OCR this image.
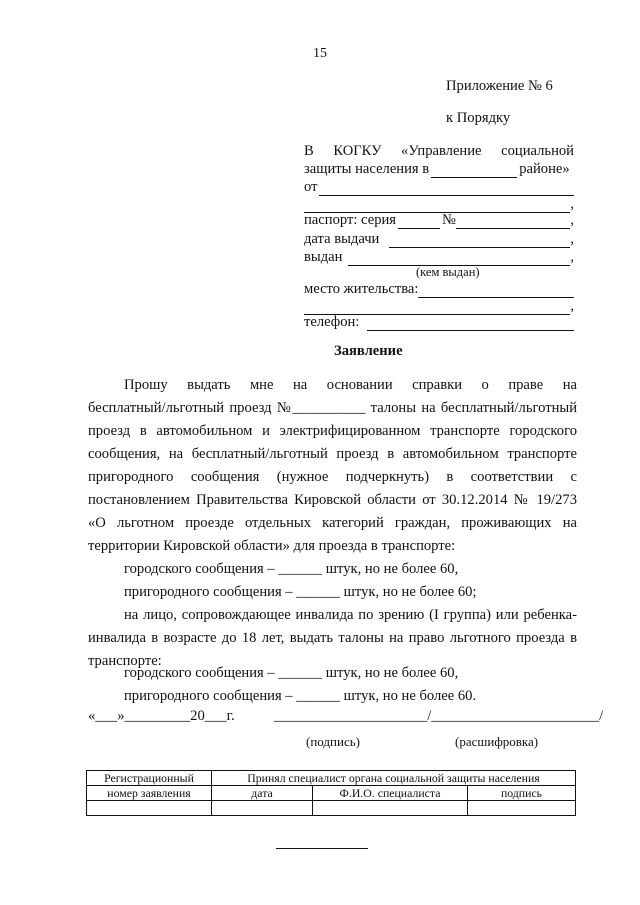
15
Приложение № 6
к Порядку
В КОГКУ «Управление социальной
защиты населения в	районе»
от
,
паспорт: серия	№	,
дата выдачи	,
выдан	,
(кем выдан)
место жительства:
,
телефон:
Заявление
Прошу выдать мне на основании справки о праве на
бесплатный/льготный проезд №__________ талоны на бесплатный/льготный
проезд в автомобильном и электрифицированном транспорте городского
сообщения, на бесплатный/льготный проезд в автомобильном транспорте
пригородного сообщения (нужное подчеркнуть) в соответствии с
постановлением Правительства Кировской области от 30.12.2014 № 19/273
«О льготном проезде отдельных категорий граждан, проживающих на
территории Кировской области» для проезда в транспорте:
городского сообщения – ______ штук, но не более 60,
пригородного сообщения – ______ штук, но не более 60;
на лицо, сопровождающее инвалида по зрению (I группа) или ребенка-
инвалида в возрасте до 18 лет, выдать талоны на право льготного проезда в
транспорте:
городского сообщения – ______ штук, но не более 60,
пригородного сообщения – ______ штук, но не более 60.
«___»_________20___г.	_____________________/_______________________/
(подпись)	(расшифровка)
Регистрационный	Принял специалист органа социальной защиты населения		
номер заявления	дата	Ф.И.О. специалиста	подпись
